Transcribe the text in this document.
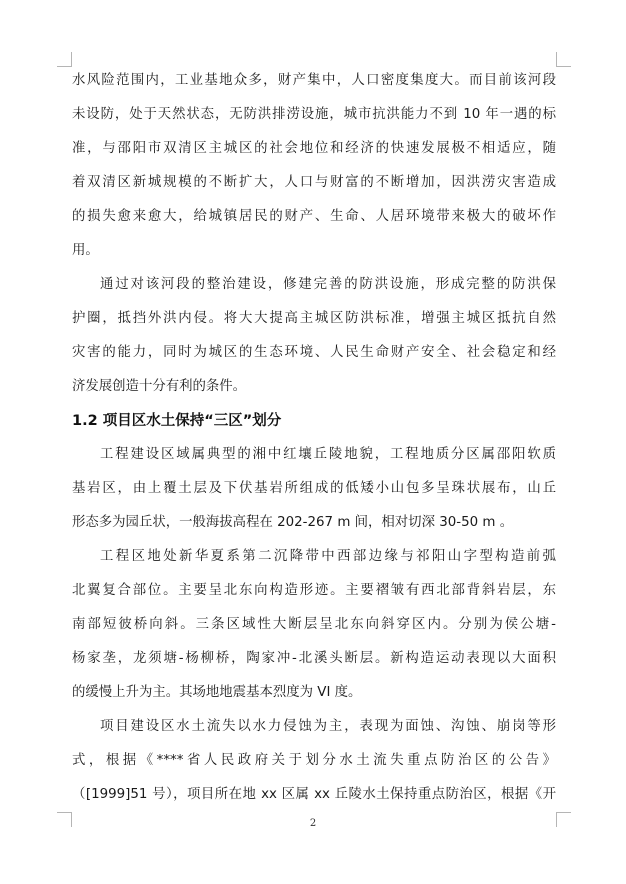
水风险范围内，工业基地众多，财产集中，人口密度集度大。而目前该河段
未设防，处于天然状态，无防洪排涝设施，城市抗洪能力不到 10 年一遇的标
准，与邵阳市双清区主城区的社会地位和经济的快速发展极不相适应，随
着双清区新城规模的不断扩大，人口与财富的不断增加，因洪涝灾害造成
的损失愈来愈大，给城镇居民的财产、生命、人居环境带来极大的破坏作
用。
通过对该河段的整治建设，修建完善的防洪设施，形成完整的防洪保
护圈，抵挡外洪内侵。将大大提高主城区防洪标准，增强主城区抵抗自然
灾害的能力，同时为城区的生态环境、人民生命财产安全、社会稳定和经
济发展创造十分有利的条件。
1.2 项目区水土保持“三区”划分
工程建设区域属典型的湘中红壤丘陵地貌，工程地质分区属邵阳软质
基岩区，由上覆土层及下伏基岩所组成的低矮小山包多呈珠状展布，山丘
形态多为园丘状，一般海拔高程在 202-267 m 间，相对切深 30-50 m 。
工程区地处新华夏系第二沉降带中西部边缘与祁阳山字型构造前弧
北翼复合部位。主要呈北东向构造形迹。主要褶皱有西北部背斜岩层，东
南部短彼桥向斜。三条区域性大断层呈北东向斜穿区内。分别为侯公塘-
杨家垄，龙须塘-杨柳桥，陶家冲-北溪头断层。新构造运动表现以大面积
的缓慢上升为主。其场地地震基本烈度为 VI 度。
项目建设区水土流失以水力侵蚀为主，表现为面蚀、沟蚀、崩岗等形
式，根据《****省人民政府关于划分水土流失重点防治区的公告》
（[1999]51 号），项目所在地 xx 区属 xx 丘陵水土保持重点防治区，根据《开
2
